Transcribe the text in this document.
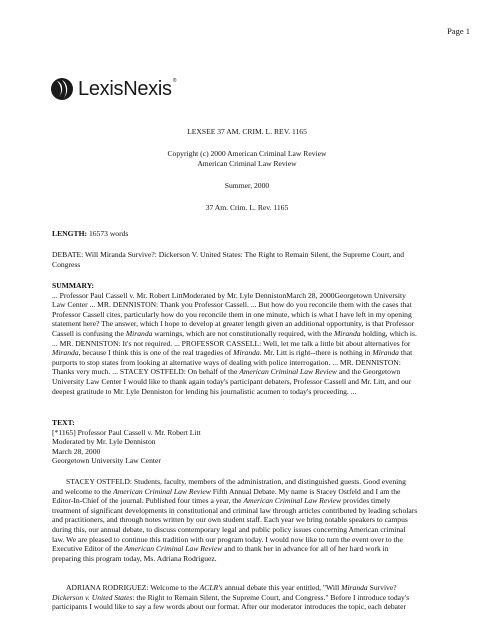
Page 1
LexisNexis®
LEXSEE 37 AM. CRIM. L. REV. 1165
Copyright (c) 2000 American Criminal Law Review
American Criminal Law Review
Summer, 2000
37 Am. Crim. L. Rev. 1165
LENGTH: 16573 words
DEBATE: Will Miranda Survive?: Dickerson V. United States: The Right to Remain Silent, the Supreme Court, and
Congress
SUMMARY:
... Professor Paul Cassell v. Mr. Robert LittModerated by Mr. Lyle DennistonMarch 28, 2000Georgetown University
Law Center ... MR. DENNISTON: Thank you Professor Cassell. ... But how do you reconcile them with the cases that
Professor Cassell cites, particularly how do you reconcile them in one minute, which is what I have left in my opening
statement here? The answer, which I hope to develop at greater length given an additional opportunity, is that Professor
Cassell is confusing the Miranda warnings, which are not constitutionally required, with the Miranda holding, which is.
... MR. DENNISTON: It's not required. ... PROFESSOR CASSELL: Well, let me talk a little bit about alternatives for
Miranda, because I think this is one of the real tragedies of Miranda. Mr. Litt is right--there is nothing in Miranda that
purports to stop states from looking at alternative ways of dealing with police interrogation. ... MR. DENNISTON:
Thanks very much. ... STACEY OSTFELD: On behalf of the American Criminal Law Review and the Georgetown
University Law Center I would like to thank again today's participant debaters, Professor Cassell and Mr. Litt, and our
deepest gratitude to Mr. Lyle Denniston for lending his journalistic acumen to today's proceeding. ...
TEXT:
[*1165] Professor Paul Cassell v. Mr. Robert Litt
Moderated by Mr. Lyle Denniston
March 28, 2000
Georgetown University Law Center

STACEY OSTFELD: Students, faculty, members of the administration, and distinguished guests. Good evening

and welcome to the American Criminal Law Review Fifth Annual Debate. My name is Stacey Ostfeld and I am the
Editor-In-Chief of the journal. Published four times a year, the American Criminal Law Review provides timely
treatment of significant developments in constitutional and criminal law through articles contributed by leading scholars
and practitioners, and through notes written by our own student staff. Each year we bring notable speakers to campus
during this, our annual debate, to discuss contemporary legal and public policy issues concerning American criminal
law. We are pleased to continue this tradition with our program today. I would now like to turn the event over to the
Executive Editor of the American Criminal Law Review and to thank her in advance for all of her hard work in
preparing this program today, Ms. Adriana Rodriguez.

ADRIANA RODRIGUEZ: Welcome to the ACLR's annual debate this year entitled, "Will Miranda Survive?

Dickerson v. United States: the Right to Remain Silent, the Supreme Court, and Congress." Before I introduce today's
participants I would like to say a few words about our format. After our moderator introduces the topic, each debater
